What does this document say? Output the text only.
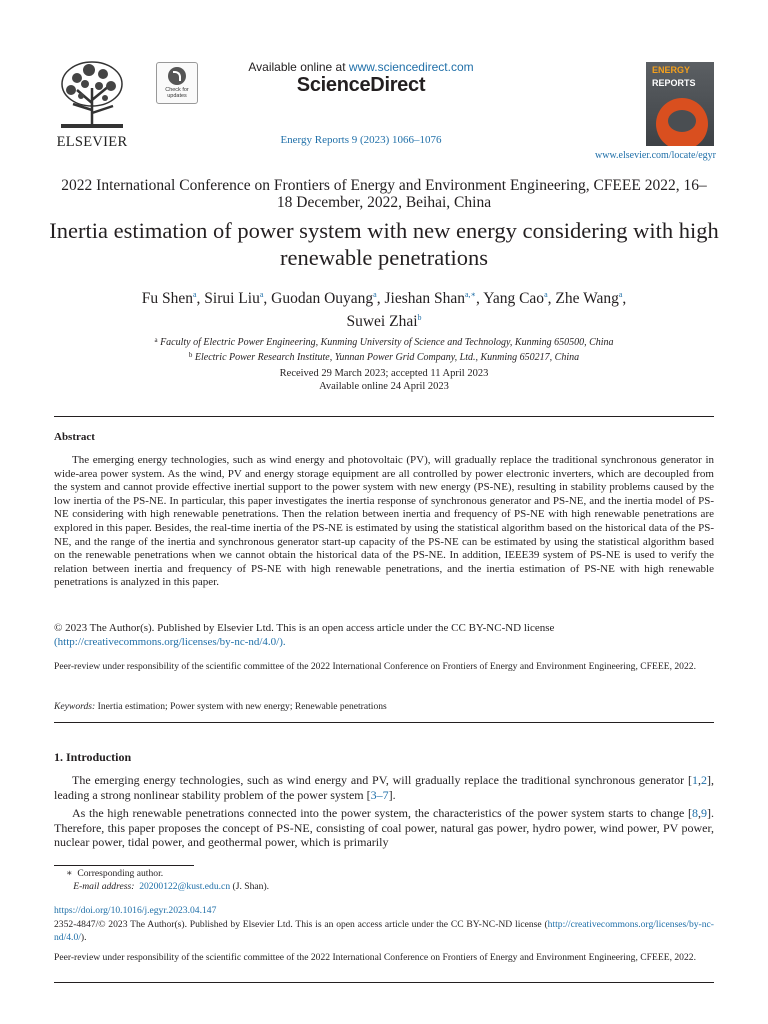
ELSEVIER
Check for
updates
Available online at www.sciencedirect.com
ScienceDirect
Energy Reports 9 (2023) 1066–1076
ENERGY
REPORTS
www.elsevier.com/locate/egyr
2022 International Conference on Frontiers of Energy and Environment Engineering, CFEEE 2022, 16–18 December, 2022, Beihai, China
Inertia estimation of power system with new energy considering with high renewable penetrations
Fu Shen$^a$, Sirui Liu$^a$, Guodan Ouyang$^a$, Jieshan Shan$^{a,∗}$, Yang Cao$^a$, Zhe Wang$^a$,
Suwei Zhai$^b$
$^a$ Faculty of Electric Power Engineering, Kunming University of Science and Technology, Kunming 650500, China
$^b$ Electric Power Research Institute, Yunnan Power Grid Company, Ltd., Kunming 650217, China
Received 29 March 2023; accepted 11 April 2023
Available online 24 April 2023
Abstract

The emerging energy technologies, such as wind energy and photovoltaic (PV), will gradually replace the traditional synchronous generator in wide-area power system. As the wind, PV and energy storage equipment are all controlled by power electronic inverters, which are decoupled from the system and cannot provide effective inertial support to the power system with new energy (PS-NE), resulting in stability problems caused by the low inertia of the PS-NE. In particular, this paper investigates the inertia response of synchronous generator and PS-NE, and the inertia model of PS-NE considering with high renewable penetrations. Then the relation between inertia and frequency of PS-NE with high renewable penetrations are explored in this paper. Besides, the real-time inertia of the PS-NE is estimated by using the statistical algorithm based on the historical data of the PS-NE, and the range of the inertia and synchronous generator start-up capacity of the PS-NE can be estimated by using the statistical algorithm based on the renewable penetrations when we cannot obtain the historical data of the PS-NE. In addition, IEEE39 system of PS-NE is used to verify the relation between inertia and frequency of PS-NE with high renewable penetrations, and the inertia estimation of PS-NE with high renewable penetrations is analyzed in this paper.

© 2023 The Author(s). Published by Elsevier Ltd. This is an open access article under the CC BY-NC-ND license
(http://creativecommons.org/licenses/by-nc-nd/4.0/).
Peer-review under responsibility of the scientific committee of the 2022 International Conference on Frontiers of Energy and Environment Engineering, CFEEE, 2022.
Keywords: Inertia estimation; Power system with new energy; Renewable penetrations
1. Introduction

The emerging energy technologies, such as wind energy and PV, will gradually replace the traditional synchronous generator [1,2], leading a strong nonlinear stability problem of the power system [3–7].

As the high renewable penetrations connected into the power system, the characteristics of the power system starts to change [8,9]. Therefore, this paper proposes the concept of PS-NE, consisting of coal power, natural gas power, hydro power, wind power, PV power, nuclear power, tidal power, and geothermal power, which is primarily

∗ Corresponding author.
E-mail address: 20200122@kust.edu.cn (J. Shan).
https://doi.org/10.1016/j.egyr.2023.04.147
2352-4847/© 2023 The Author(s). Published by Elsevier Ltd. This is an open access article under the CC BY-NC-ND license (http://creativecommons.org/licenses/by-nc-nd/4.0/).
Peer-review under responsibility of the scientific committee of the 2022 International Conference on Frontiers of Energy and Environment Engineering, CFEEE, 2022.
